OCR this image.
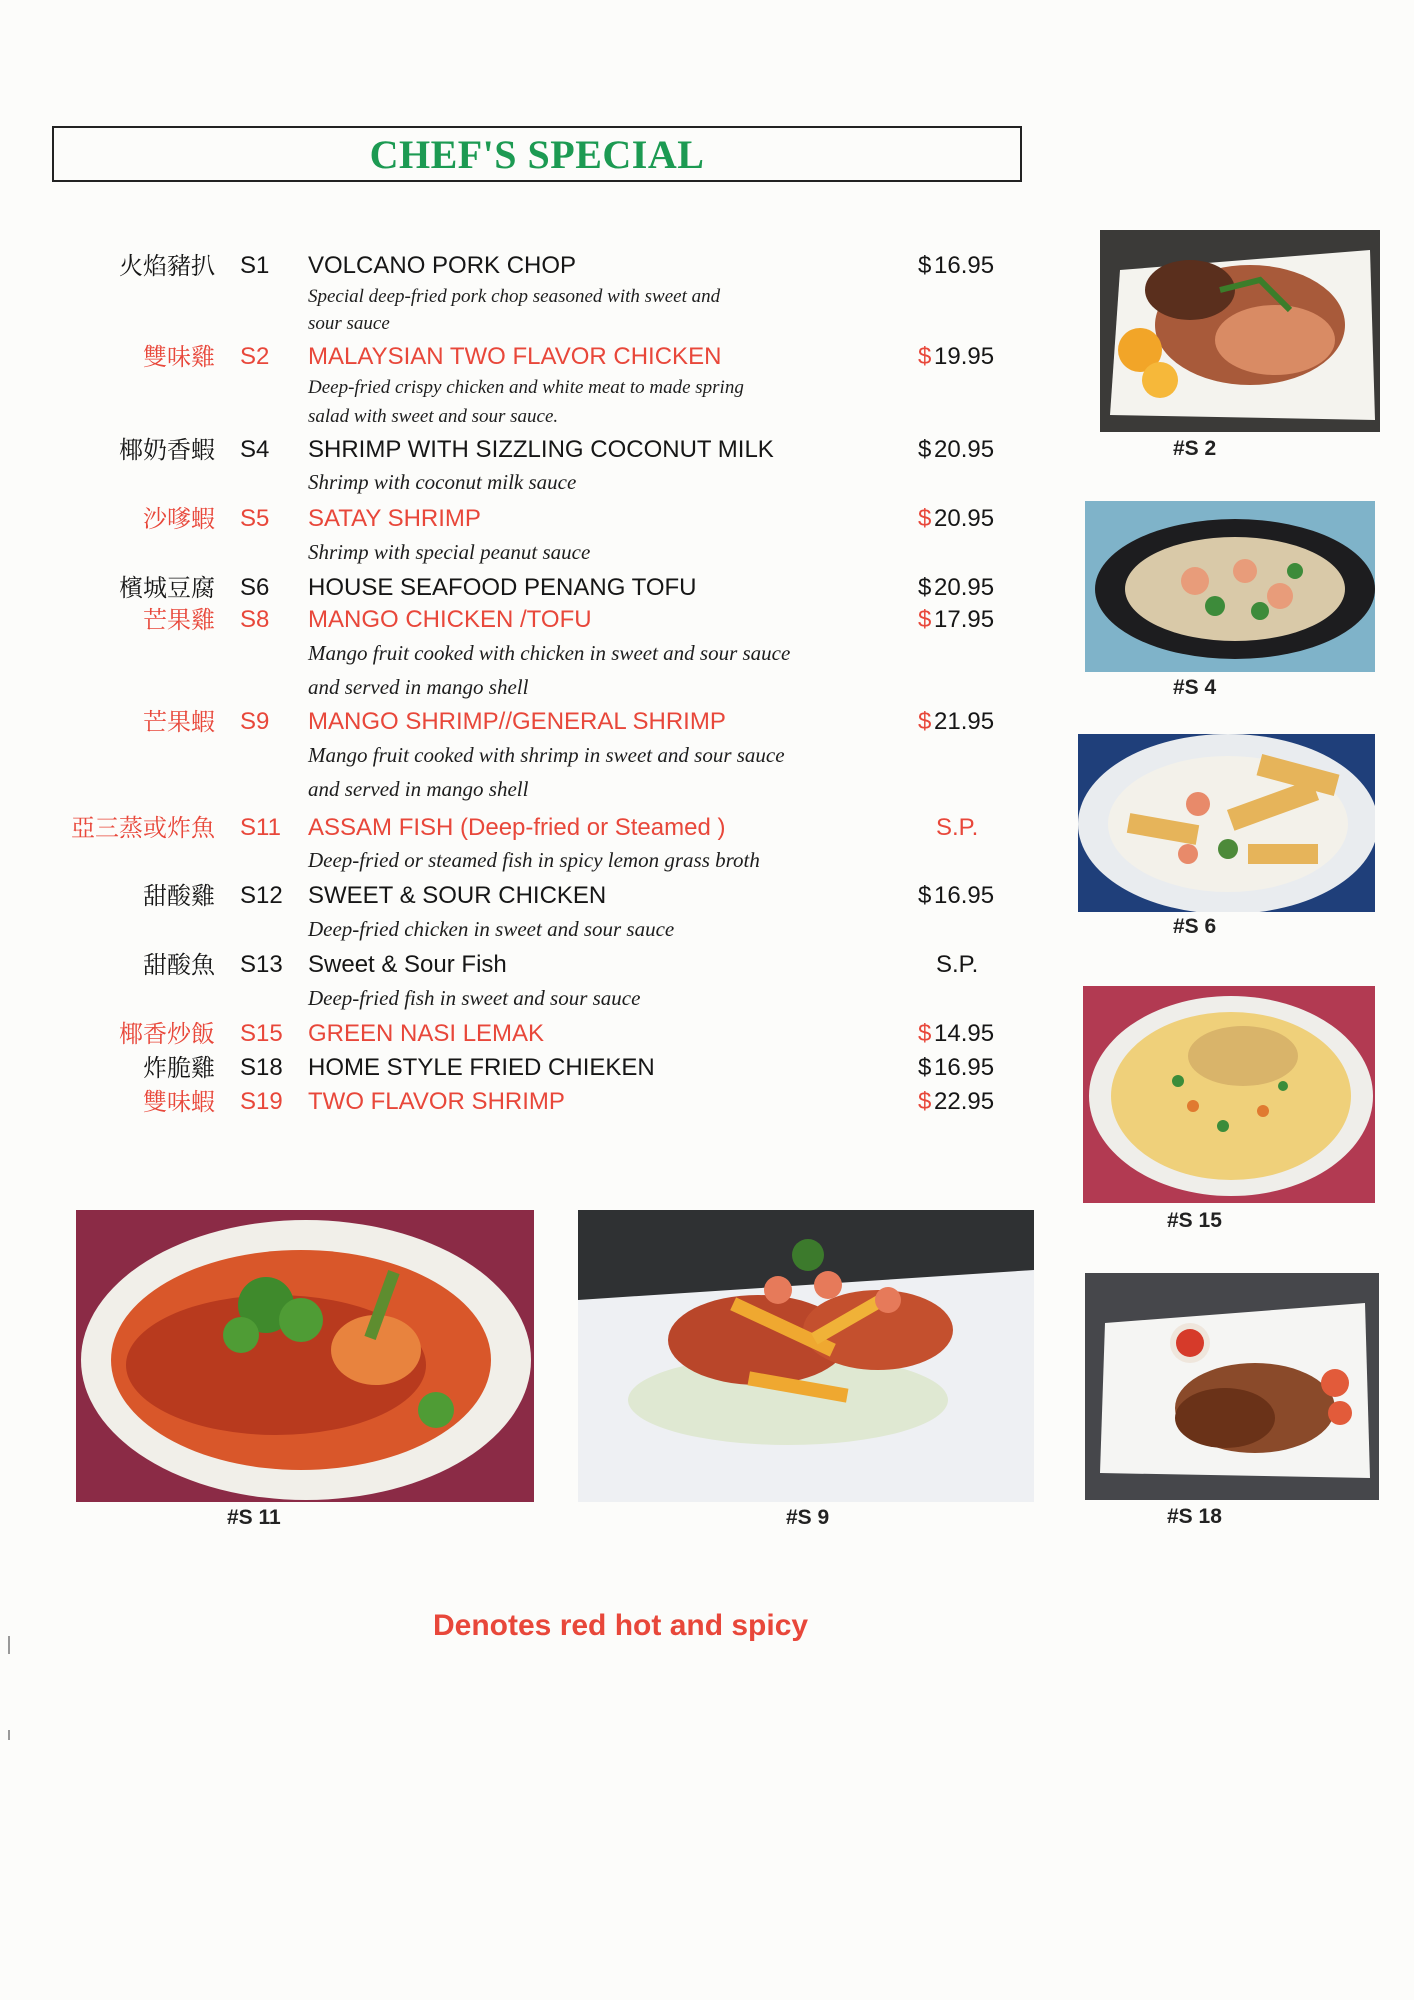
CHEF'S SPECIAL
火焰豬扒 S1 VOLCANO PORK CHOP	$ 16.95
Special deep-fried pork chop seasoned with sweet and
sour sauce
雙味雞 S2 MALAYSIAN TWO FLAVOR CHICKEN	$ 19.95
Deep-fried crispy chicken and white meat to made spring
salad with sweet and sour sauce.
椰奶香蝦 S4 SHRIMP WITH SIZZLING COCONUT MILK	$ 20.95
Shrimp with coconut milk sauce
沙嗲蝦 S5 SATAY SHRIMP	$ 20.95
Shrimp with special peanut sauce
檳城豆腐 S6 HOUSE SEAFOOD PENANG TOFU	$ 20.95
芒果雞 S8 MANGO CHICKEN /TOFU	$ 17.95
Mango fruit cooked with chicken in sweet and sour sauce
and served in mango shell
芒果蝦 S9 MANGO SHRIMP//GENERAL SHRIMP	$ 21.95
Mango fruit cooked with shrimp in sweet and sour sauce
and served in mango shell
亞三蒸或炸魚 S11 ASSAM FISH (Deep-fried or Steamed )	S.P.
Deep-fried or steamed fish in spicy lemon grass broth
甜酸雞 S12 SWEET & SOUR CHICKEN	$ 16.95
Deep-fried chicken in sweet and sour sauce
甜酸魚 S13 Sweet & Sour Fish	S.P.
Deep-fried fish in sweet and sour sauce
椰香炒飯 S15 GREEN NASI LEMAK	$ 14.95
炸脆雞 S18 HOME STYLE FRIED CHIEKEN	$ 16.95
雙味蝦 S19 TWO FLAVOR SHRIMP	$ 22.95
#S 2
#S 4
#S 6
#S 15
#S 18
#S 11	#S 9
Denotes red hot and spicy
